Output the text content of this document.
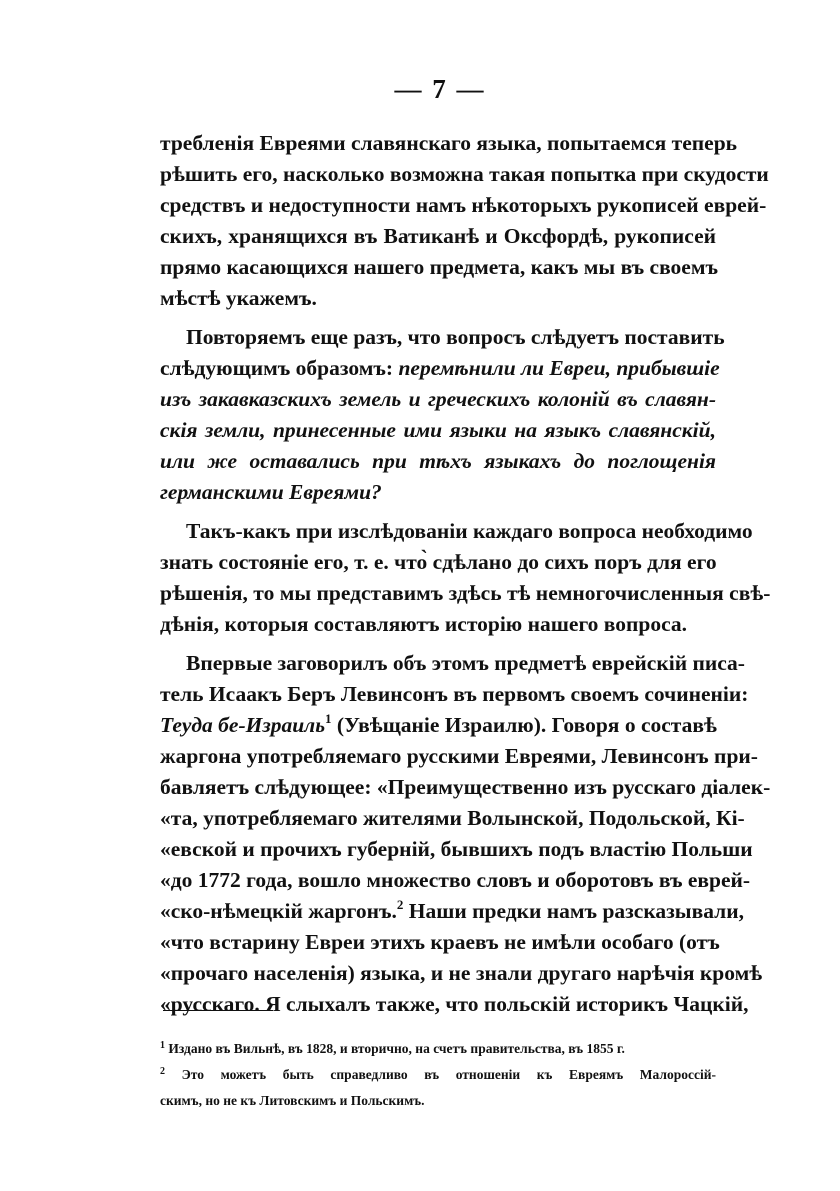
— 7 —
требленія Евреями славянскаго языка, попытаемся теперь
рѣшить его, насколько возможна такая попытка при скудости
средствъ и недоступности намъ нѣкоторыхъ рукописей еврей-
скихъ, хранящихся въ Ватиканѣ и Оксфордѣ, рукописей
прямо касающихся нашего предмета, какъ мы въ своемъ
мѣстѣ укажемъ.
Повторяемъ еще разъ, что вопросъ слѣдуетъ поставить
слѣдующимъ образомъ: перемѣнили ли Евреи, прибывшіе
изъ закавказскихъ земель и греческихъ колоній въ славян-
скія земли, принесенные ими языки на языкъ славянскій,
или же оставались при тѣхъ языкахъ до поглощенія
германскими Евреями?
Такъ-какъ при изслѣдованіи каждаго вопроса необходимо
знать состояніе его, т. е. что̀ сдѣлано до сихъ поръ для его
рѣшенія, то мы представимъ здѣсь тѣ немногочисленныя свѣ-
дѣнія, которыя составляютъ исторію нашего вопроса.
Впервые заговорилъ объ этомъ предметѣ еврейскій писа-
тель Исаакъ Беръ Левинсонъ въ первомъ своемъ сочиненіи:
Теуда бе-Израиль$^1$ (Увѣщаніе Израилю). Говоря о составѣ
жаргона употребляемаго русскими Евреями, Левинсонъ при-
бавляетъ слѣдующее: «Преимущественно изъ русскаго діалек-
«та, употребляемаго жителями Волынской, Подольской, Кі-
«евской и прочихъ губерній, бывшихъ подъ властію Польши
«до 1772 года, вошло множество словъ и оборотовъ въ еврей-
«ско-нѣмецкій жаргонъ.$^2$ Наши предки намъ разсказывали,
«что встарину Евреи этихъ краевъ не имѣли особаго (отъ
«прочаго населенія) языка, и не знали другаго нарѣчія кромѣ
«русскаго. Я слыхалъ также, что польскій историкъ Чацкій,
$^1$ Издано въ Вильнѣ, въ 1828, и вторично, на счетъ правительства, въ 1855 г.
$^2$ Это можетъ быть справедливо въ отношеніи къ Евреямъ Малороссій-
скимъ, но не къ Литовскимъ и Польскимъ.
